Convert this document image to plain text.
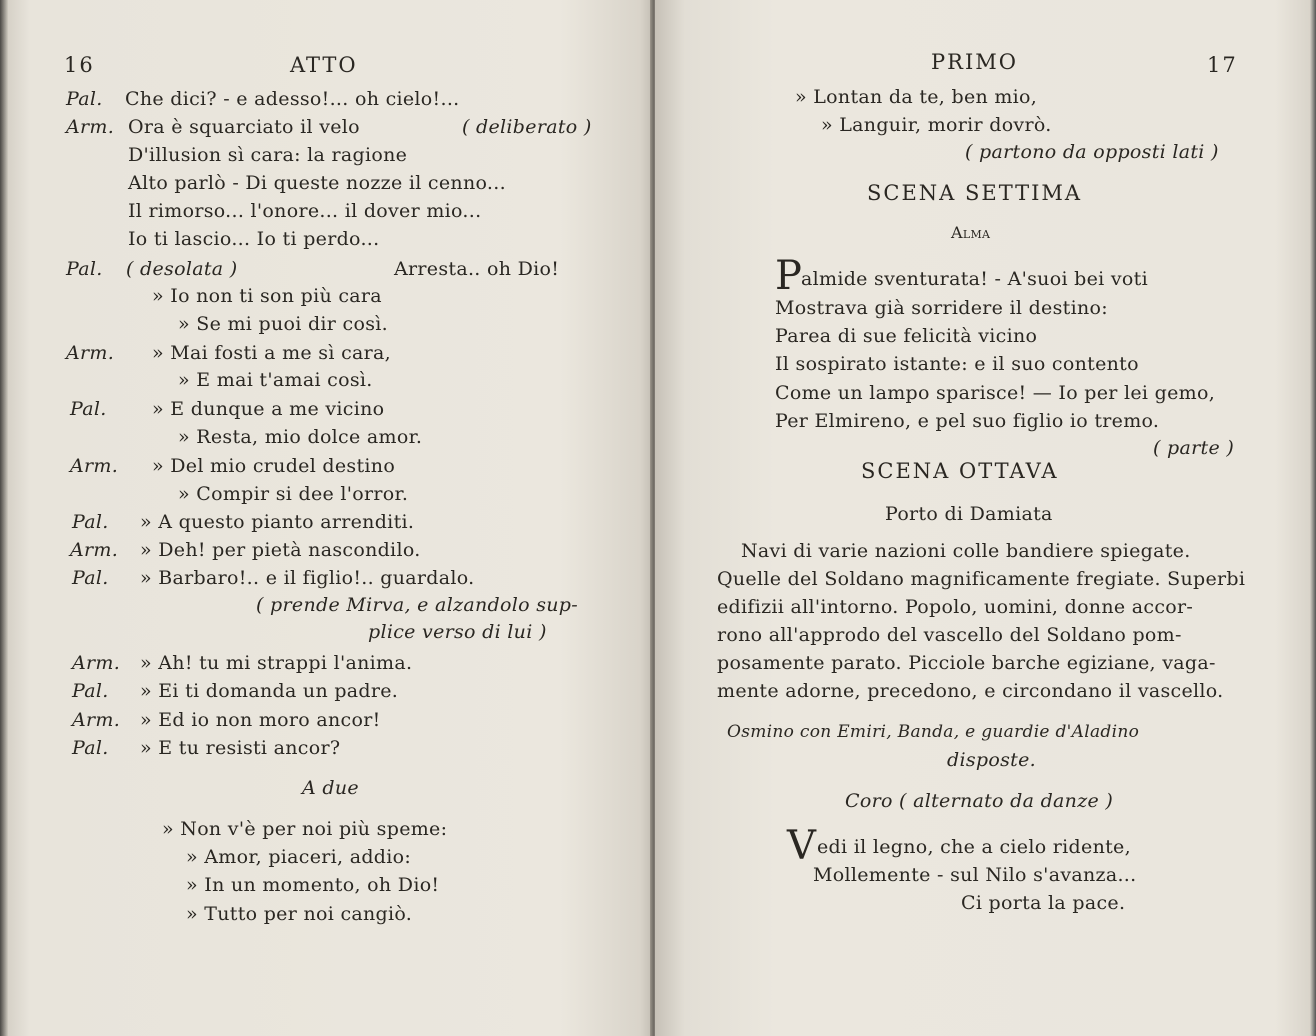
16	ATTO
Pal. Che dici? - e adesso!... oh cielo!...
Arm. Ora è squarciato il velo	( deliberato )
D'illusion sì cara: la ragione
Alto parlò - Di queste nozze il cenno...
Il rimorso... l'onore... il dover mio...
Io ti lascio... Io ti perdo...
Pal. ( desolata )	Arresta.. oh Dio!
» Io non ti son più cara
» Se mi puoi dir così.
Arm. » Mai fosti a me sì cara,
» E mai t'amai così.
Pal. » E dunque a me vicino
» Resta, mio dolce amor.
Arm. » Del mio crudel destino
» Compir si dee l'orror.
Pal. » A questo pianto arrenditi.
Arm. » Deh! per pietà nascondilo.
Pal. » Barbaro!.. e il figlio!.. guardalo.
( prende Mirva, e alzandolo sup-
plice verso di lui )
Arm. » Ah! tu mi strappi l'anima.
Pal. » Ei ti domanda un padre.
Arm. » Ed io non moro ancor!
Pal. » E tu resisti ancor?
A due
» Non v'è per noi più speme:
» Amor, piaceri, addio:
» In un momento, oh Dio!
» Tutto per noi cangiò.
PRIMO	17
» Lontan da te, ben mio,
» Languir, morir dovrò.
( partono da opposti lati )
SCENA SETTIMA
Alma
P almide sventurata! - A'suoi bei voti
Mostrava già sorridere il destino:
Parea di sue felicità vicino
Il sospirato istante: e il suo contento
Come un lampo sparisce! — Io per lei gemo,
Per Elmireno, e pel suo figlio io tremo.
( parte )
SCENA OTTAVA
Porto di Damiata
Navi di varie nazioni colle bandiere spiegate.
Quelle del Soldano magnificamente fregiate. Superbi
edifizii all'intorno. Popolo, uomini, donne accor-
rono all'approdo del vascello del Soldano pom-
posamente parato. Picciole barche egiziane, vaga-
mente adorne, precedono, e circondano il vascello.
Osmino con Emiri, Banda, e guardie d'Aladino
disposte.
Coro ( alternato da danze )
V edi il legno, che a cielo ridente,
Mollemente - sul Nilo s'avanza...
Ci porta la pace.
